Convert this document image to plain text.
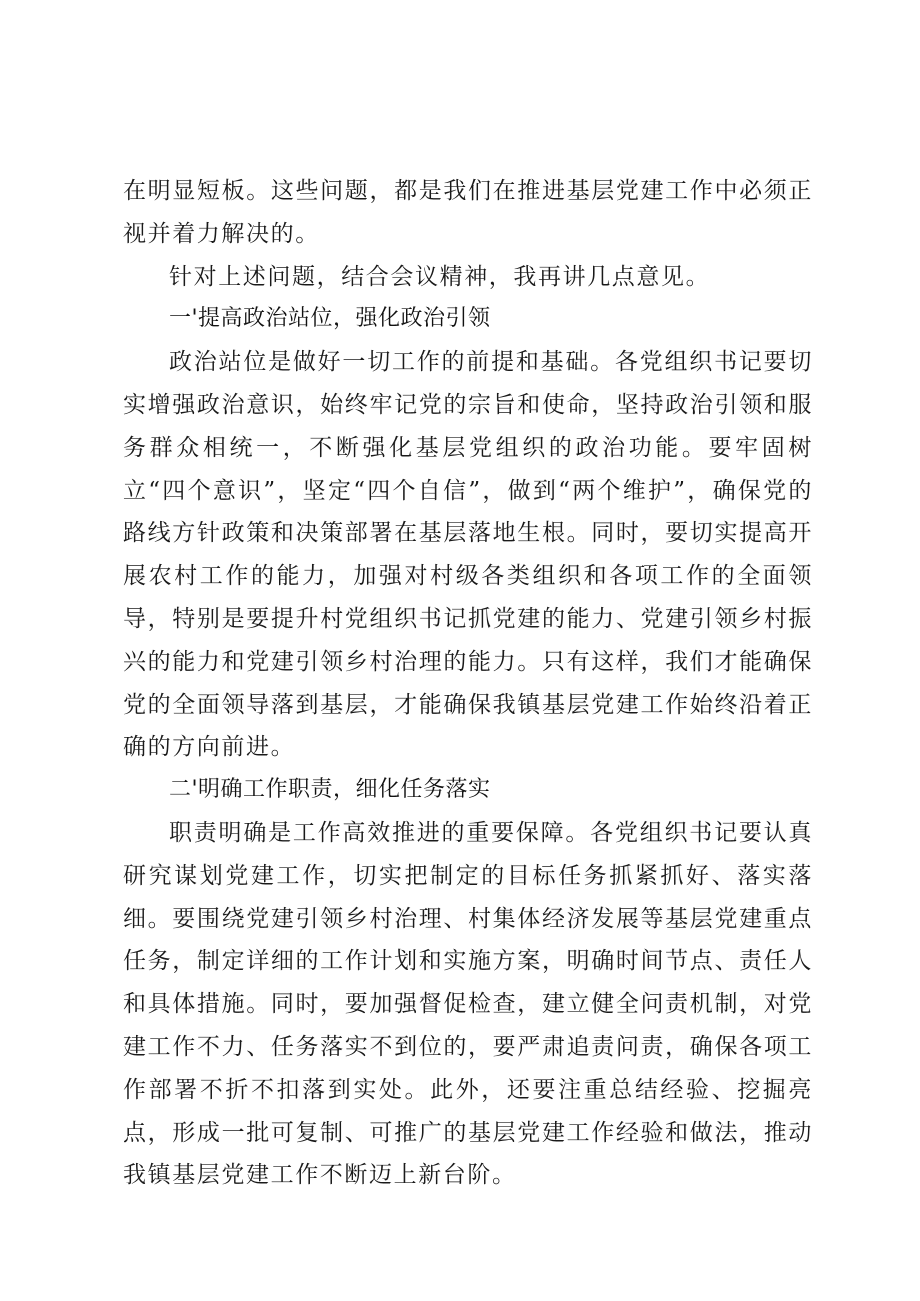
在明显短板。这些问题，都是我们在推进基层党建工作中必须正视并着力解决的。

针对上述问题，结合会议精神，我再讲几点意见。

一'提高政治站位，强化政治引领

政治站位是做好一切工作的前提和基础。各党组织书记要切实增强政治意识，始终牢记党的宗旨和使命，坚持政治引领和服务群众相统一，不断强化基层党组织的政治功能。要牢固树立“四个意识”，坚定“四个自信”，做到“两个维护”，确保党的路线方针政策和决策部署在基层落地生根。同时，要切实提高开展农村工作的能力，加强对村级各类组织和各项工作的全面领导，特别是要提升村党组织书记抓党建的能力、党建引领乡村振兴的能力和党建引领乡村治理的能力。只有这样，我们才能确保党的全面领导落到基层，才能确保我镇基层党建工作始终沿着正确的方向前进。

二'明确工作职责，细化任务落实

职责明确是工作高效推进的重要保障。各党组织书记要认真研究谋划党建工作，切实把制定的目标任务抓紧抓好、落实落细。要围绕党建引领乡村治理、村集体经济发展等基层党建重点任务，制定详细的工作计划和实施方案，明确时间节点、责任人和具体措施。同时，要加强督促检查，建立健全问责机制，对党建工作不力、任务落实不到位的，要严肃追责问责，确保各项工作部署不折不扣落到实处。此外，还要注重总结经验、挖掘亮点，形成一批可复制、可推广的基层党建工作经验和做法，推动我镇基层党建工作不断迈上新台阶。
